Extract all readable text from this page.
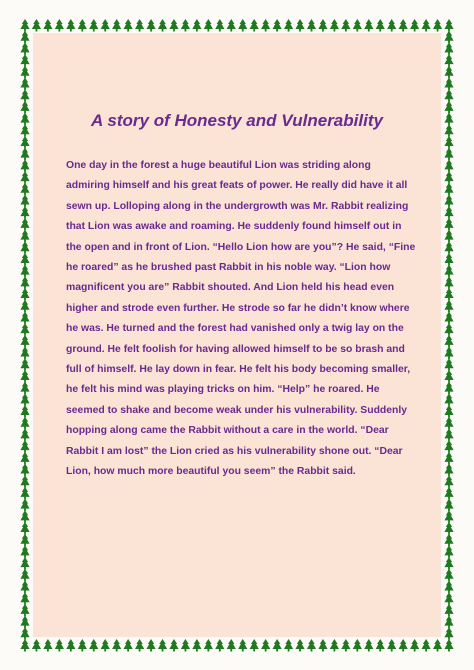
A story of Honesty and Vulnerability

One day in the forest a huge beautiful Lion was striding along admiring himself and his great feats of power. He really did have it all sewn up. Lolloping along in the undergrowth was Mr. Rabbit realizing that Lion was awake and roaming. He suddenly found himself out in the open and in front of Lion. “Hello Lion how are you”? He said, “Fine he roared” as he brushed past Rabbit in his noble way. “Lion how magnificent you are” Rabbit shouted. And Lion held his head even higher and strode even further. He strode so far he didn’t know where he was. He turned and the forest had vanished only a twig lay on the ground. He felt foolish for having allowed himself to be so brash and full of himself. He lay down in fear. He felt his body becoming smaller, he felt his mind was playing tricks on him. “Help” he roared. He seemed to shake and become weak under his vulnerability. Suddenly hopping along came the Rabbit without a care in the world. “Dear Rabbit I am lost” the Lion cried as his vulnerability shone out. “Dear Lion, how much more beautiful you seem” the Rabbit said.
